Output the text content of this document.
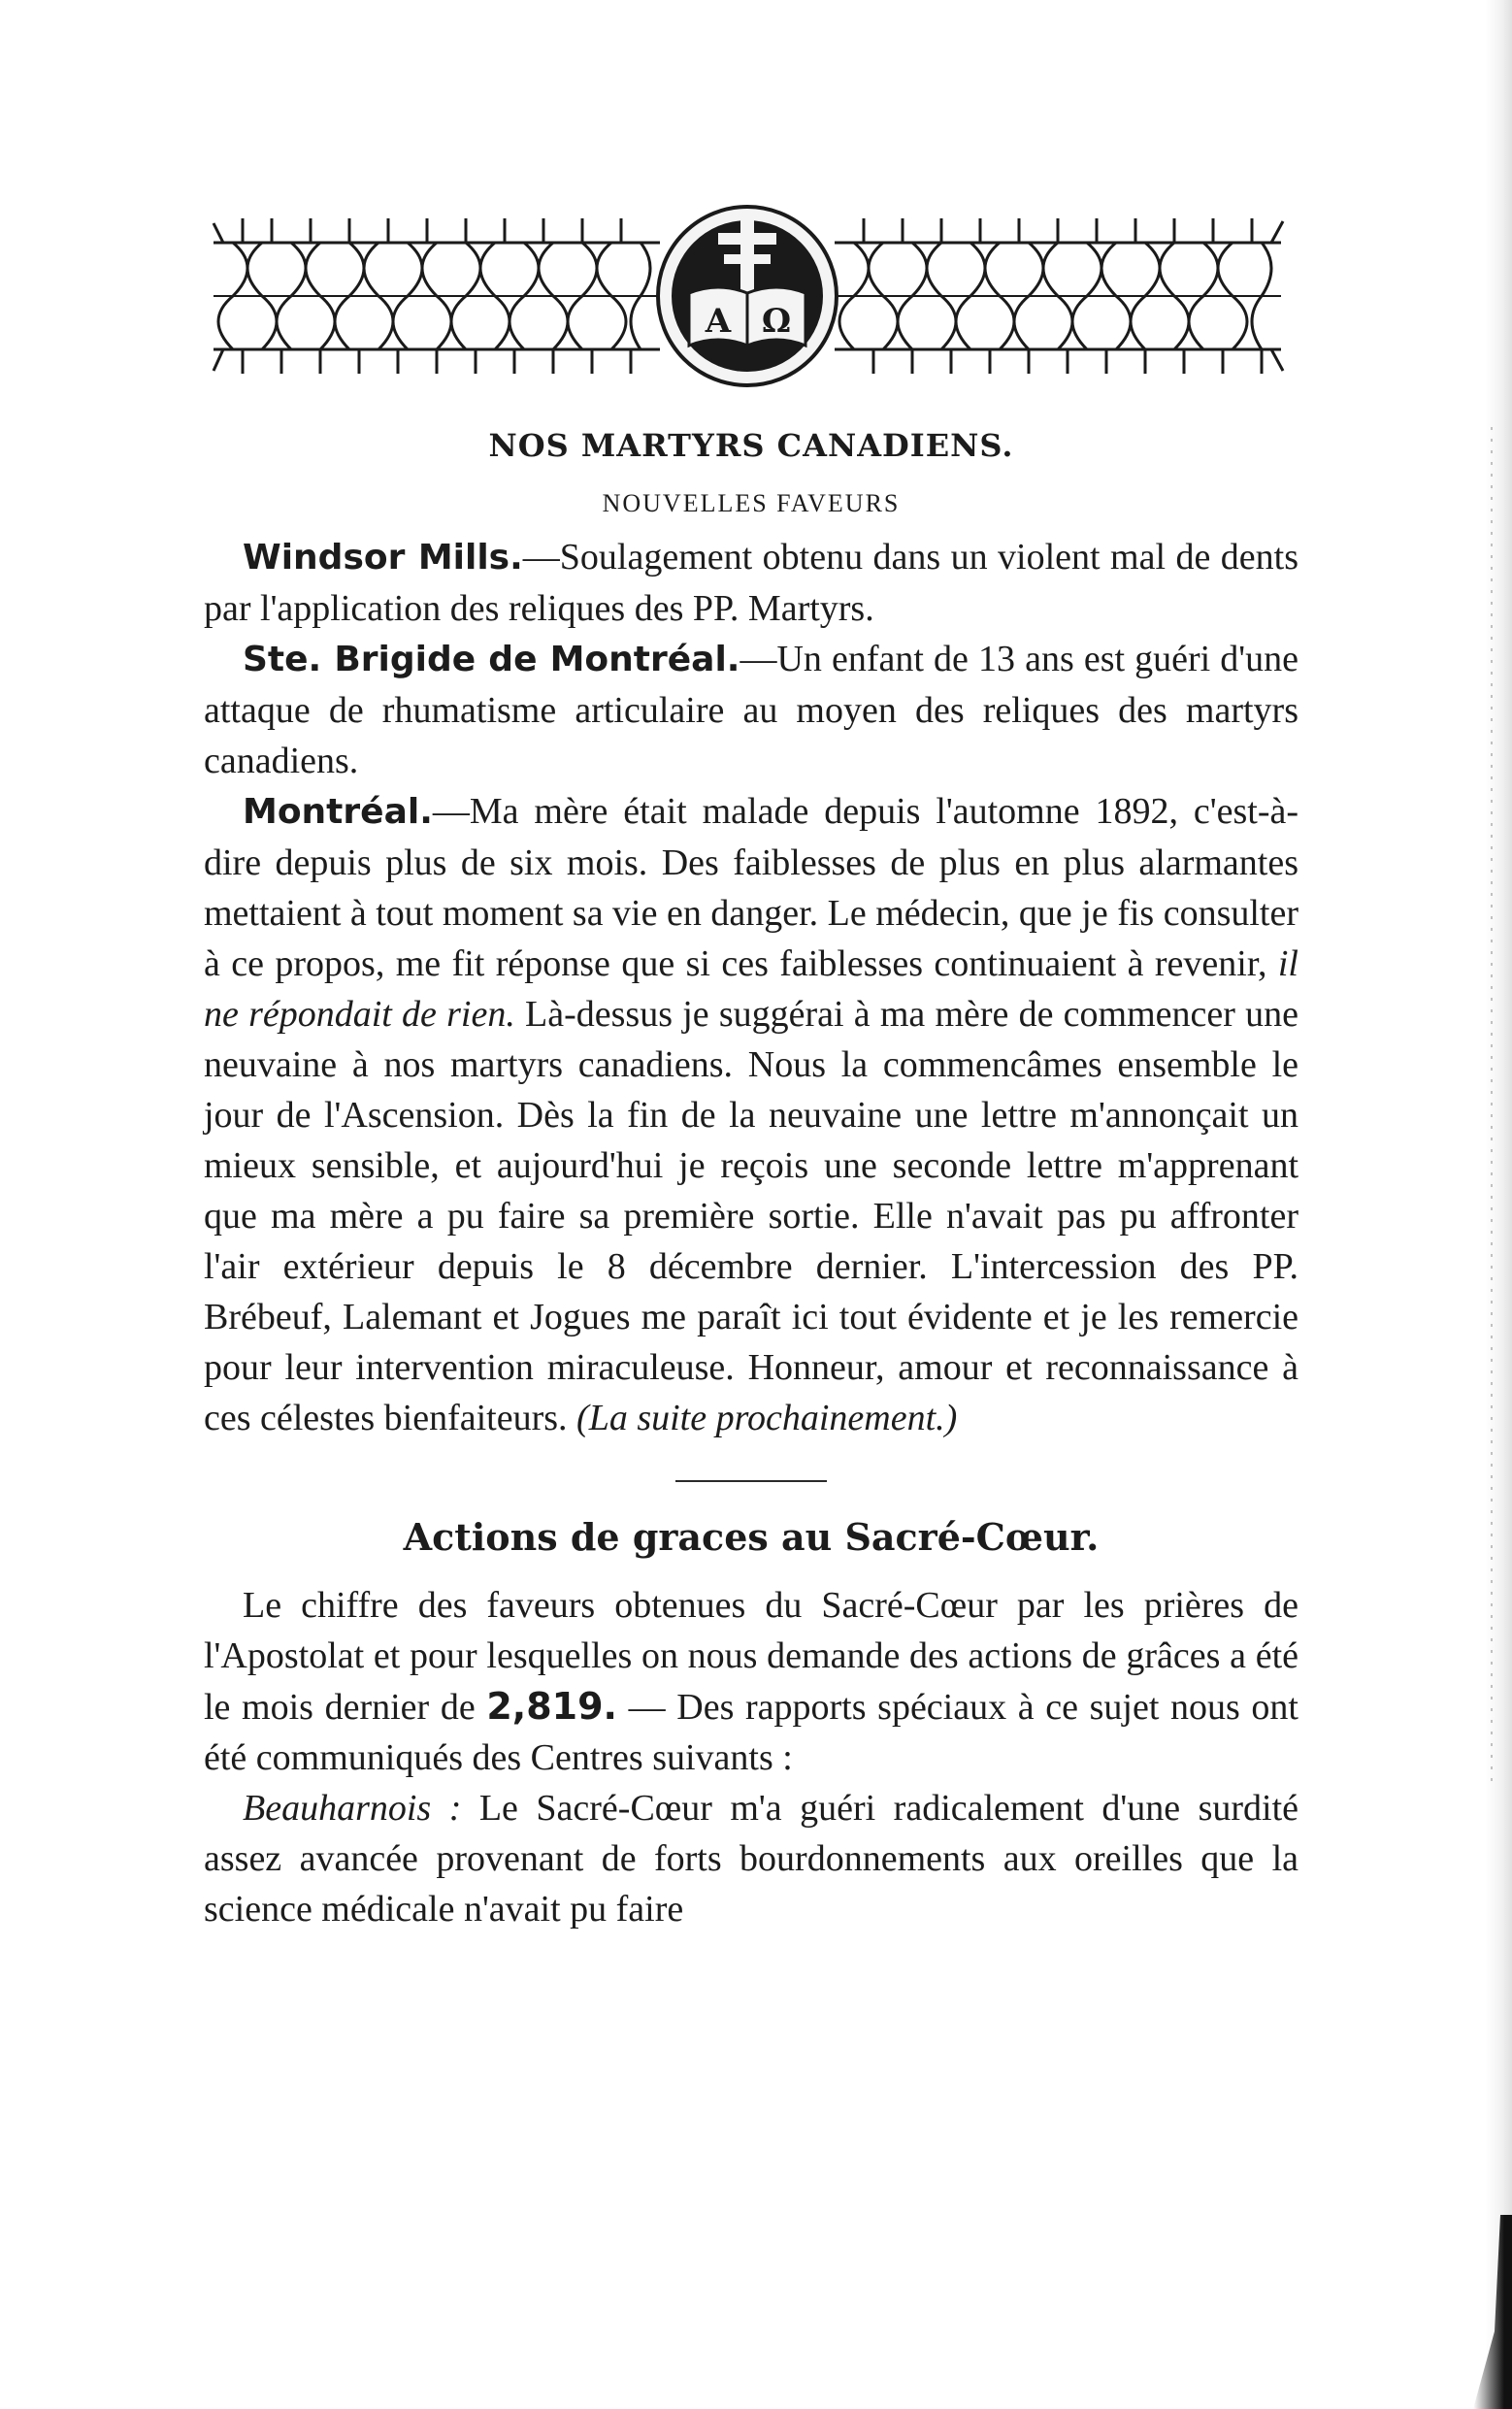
A Ω
NOS MARTYRS CANADIENS.
NOUVELLES FAVEURS

Windsor Mills.—Soulagement obtenu dans un violent mal de dents par l'application des reliques des PP. Martyrs.

Ste. Brigide de Montréal.—Un enfant de 13 ans est guéri d'une attaque de rhumatisme articulaire au moyen des reliques des martyrs canadiens.

Montréal.—Ma mère était malade depuis l'automne 1892, c'est-à-dire depuis plus de six mois. Des faiblesses de plus en plus alarmantes mettaient à tout moment sa vie en danger. Le médecin, que je fis consulter à ce propos, me fit réponse que si ces faiblesses continuaient à revenir, il ne répondait de rien. Là-dessus je suggérai à ma mère de commencer une neuvaine à nos martyrs canadiens. Nous la commencâmes ensemble le jour de l'Ascension. Dès la fin de la neuvaine une lettre m'annonçait un mieux sensible, et aujourd'hui je reçois une seconde lettre m'apprenant que ma mère a pu faire sa première sortie. Elle n'avait pas pu affronter l'air extérieur depuis le 8 décembre dernier. L'intercession des PP. Brébeuf, Lalemant et Jogues me paraît ici tout évidente et je les remercie pour leur intervention miraculeuse. Honneur, amour et reconnaissance à ces célestes bienfaiteurs. (La suite prochainement.)

Actions de graces au Sacré-Cœur.

Le chiffre des faveurs obtenues du Sacré-Cœur par les prières de l'Apostolat et pour lesquelles on nous demande des actions de grâces a été le mois dernier de 2,819. — Des rapports spéciaux à ce sujet nous ont été communiqués des Centres suivants :

Beauharnois : Le Sacré-Cœur m'a guéri radicalement d'une surdité assez avancée provenant de forts bourdonnements aux oreilles que la science médicale n'avait pu faire
